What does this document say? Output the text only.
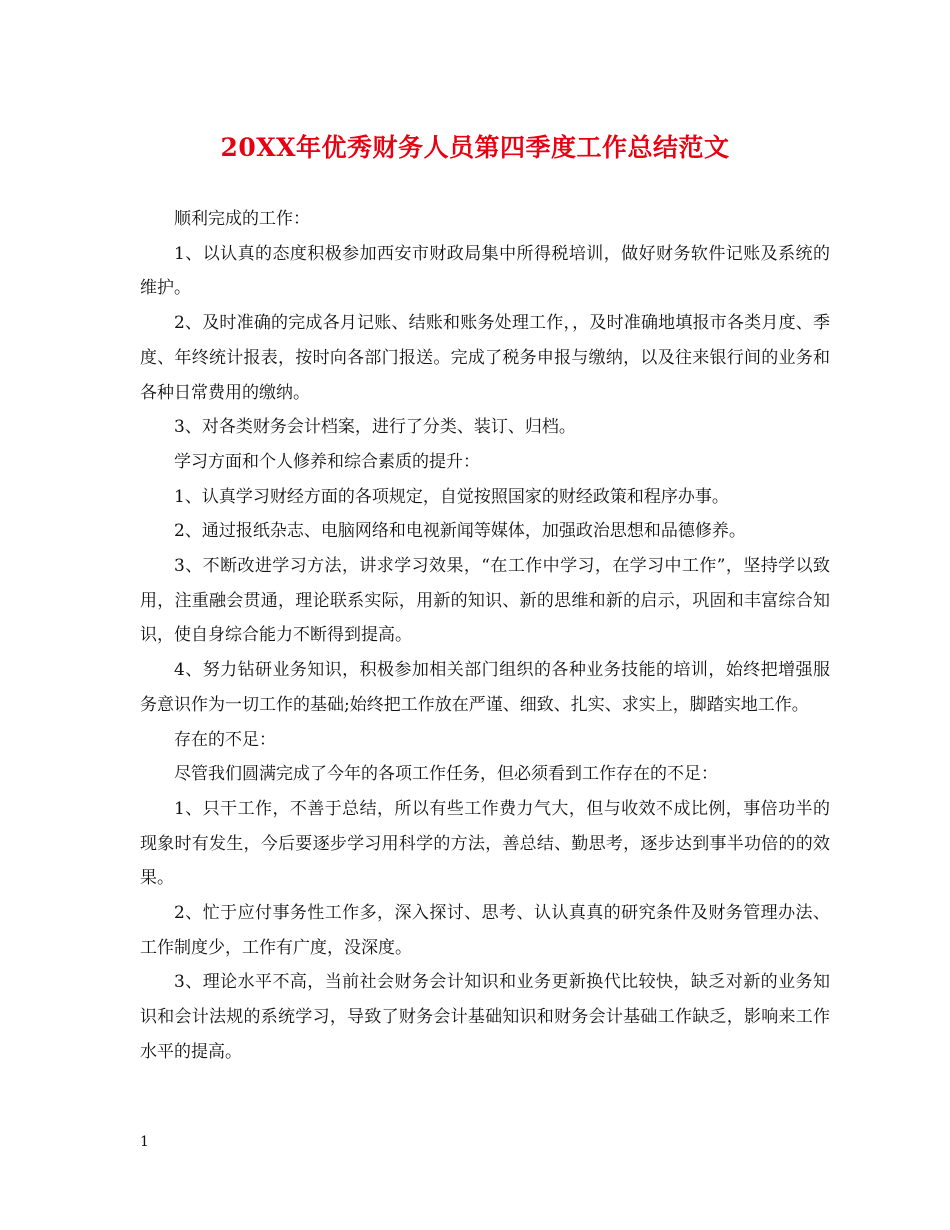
20XX年优秀财务人员第四季度工作总结范文

顺利完成的工作：

1、以认真的态度积极参加西安市财政局集中所得税培训，做好财务软件记账及系统的维护。

2、及时准确的完成各月记账、结账和账务处理工作，，及时准确地填报市各类月度、季度、年终统计报表，按时向各部门报送。完成了税务申报与缴纳，以及往来银行间的业务和各种日常费用的缴纳。

3、对各类财务会计档案，进行了分类、装订、归档。

学习方面和个人修养和综合素质的提升：

1、认真学习财经方面的各项规定，自觉按照国家的财经政策和程序办事。

2、通过报纸杂志、电脑网络和电视新闻等媒体，加强政治思想和品德修养。

3、不断改进学习方法，讲求学习效果，“在工作中学习，在学习中工作”，坚持学以致用，注重融会贯通，理论联系实际，用新的知识、新的思维和新的启示，巩固和丰富综合知识，使自身综合能力不断得到提高。

4、努力钻研业务知识，积极参加相关部门组织的各种业务技能的培训，始终把增强服务意识作为一切工作的基础;始终把工作放在严谨、细致、扎实、求实上，脚踏实地工作。

存在的不足：

尽管我们圆满完成了今年的各项工作任务，但必须看到工作存在的不足：

1、只干工作，不善于总结，所以有些工作费力气大，但与收效不成比例，事倍功半的现象时有发生，今后要逐步学习用科学的方法，善总结、勤思考，逐步达到事半功倍的的效果。

2、忙于应付事务性工作多，深入探讨、思考、认认真真的研究条件及财务管理办法、工作制度少，工作有广度，没深度。

3、理论水平不高，当前社会财务会计知识和业务更新换代比较快，缺乏对新的业务知识和会计法规的系统学习，导致了财务会计基础知识和财务会计基础工作缺乏，影响来工作水平的提高。

1
